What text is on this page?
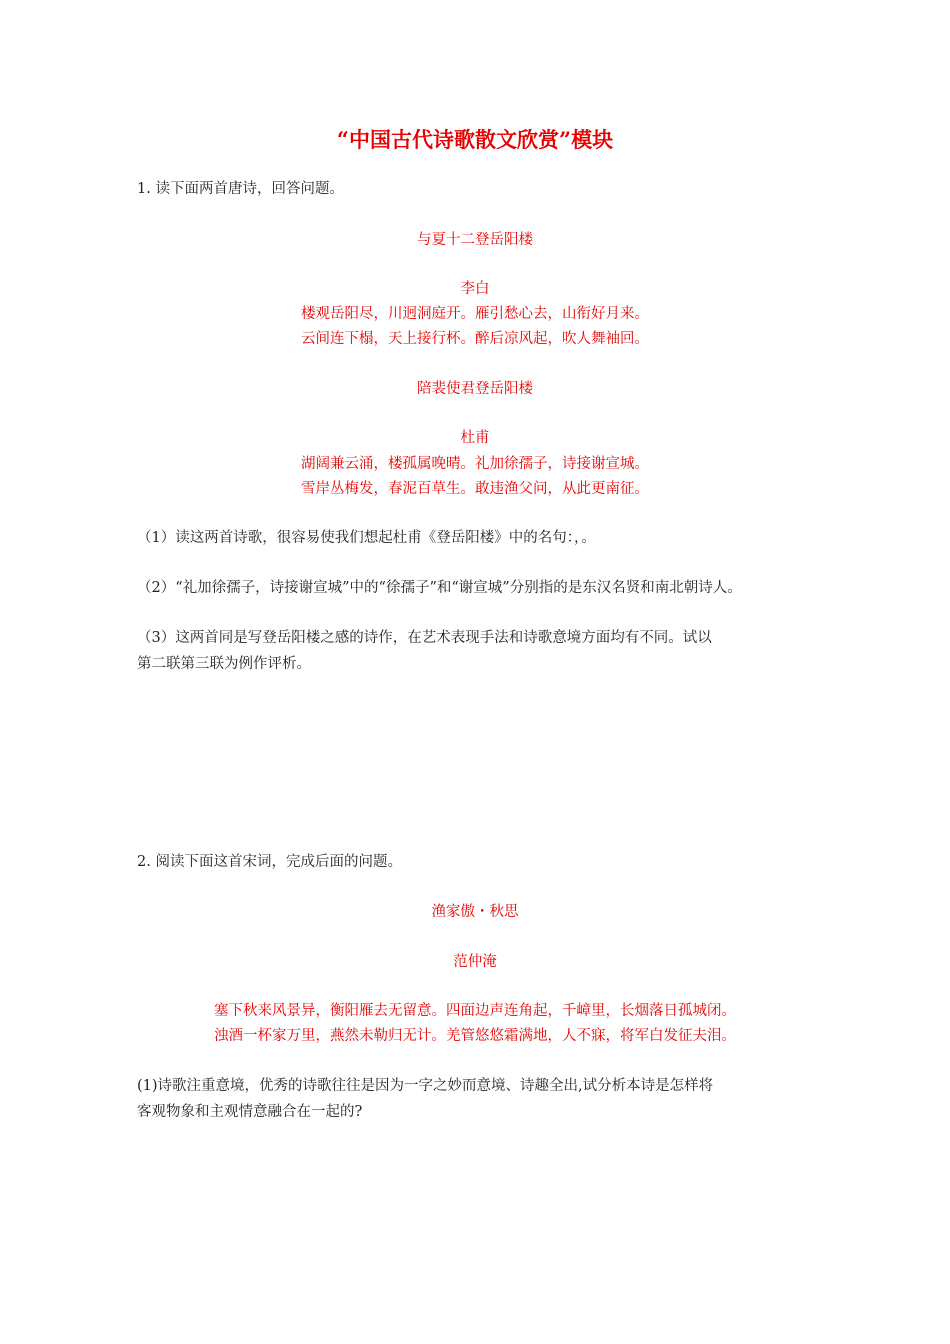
“中国古代诗歌散文欣赏”模块
1. 读下面两首唐诗，回答问题。
与夏十二登岳阳楼
李白
楼观岳阳尽，川迥洞庭开。雁引愁心去，山衔好月来。
云间连下榻，天上接行杯。醉后凉风起，吹人舞袖回。
陪裴使君登岳阳楼
杜甫
湖阔兼云涌，楼孤属晚晴。礼加徐孺子，诗接谢宣城。
雪岸丛梅发，春泥百草生。敢违渔父问，从此更南征。
（1）读这两首诗歌，很容易使我们想起杜甫《登岳阳楼》中的名句：，。
（2）“礼加徐孺子，诗接谢宣城”中的“徐孺子”和“谢宣城”分别指的是东汉名贤和南北朝诗人。
（3）这两首同是写登岳阳楼之感的诗作，在艺术表现手法和诗歌意境方面均有不同。试以
第二联第三联为例作评析。
2. 阅读下面这首宋词，完成后面的问题。
渔家傲・秋思
范仲淹
塞下秋来风景异，衡阳雁去无留意。四面边声连角起，千嶂里，长烟落日孤城闭。
浊酒一杯家万里，燕然未勒归无计。羌管悠悠霜满地，人不寐，将军白发征夫泪。
(1)诗歌注重意境，优秀的诗歌往往是因为一字之妙而意境、诗趣全出,试分析本诗是怎样将
客观物象和主观情意融合在一起的?
